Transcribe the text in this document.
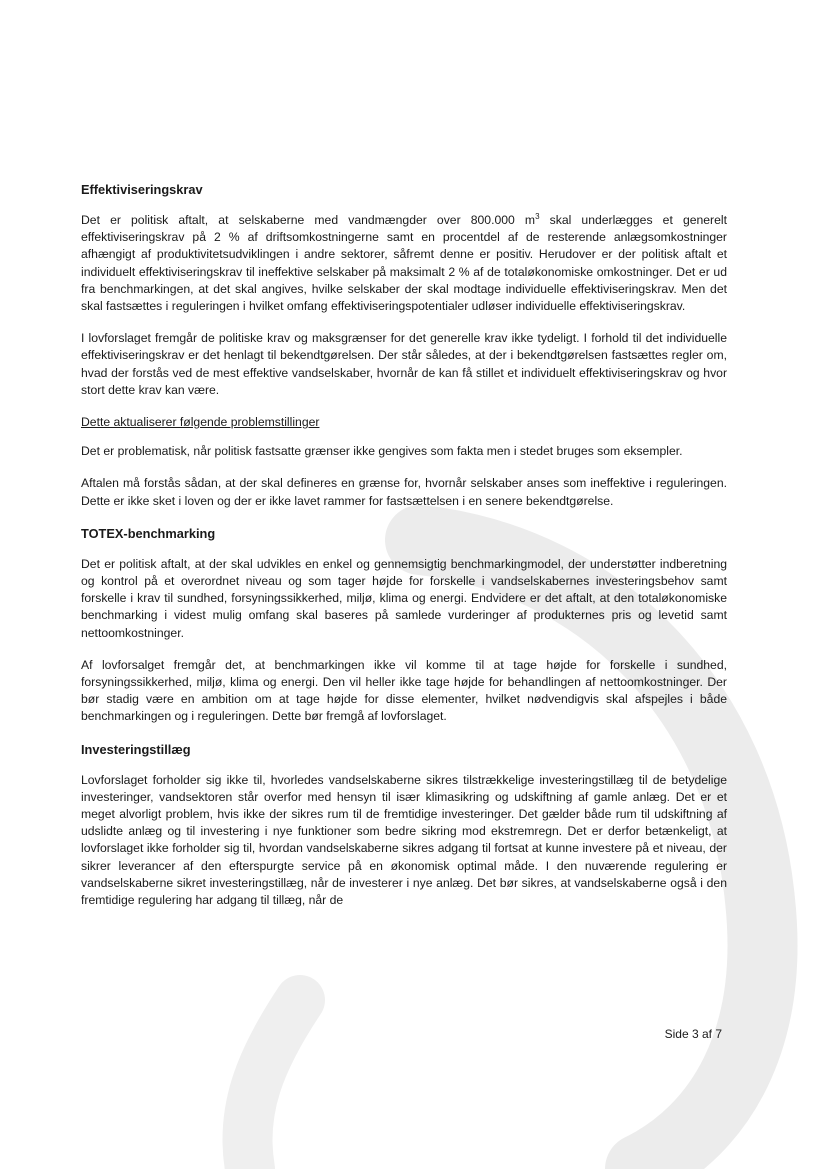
Effektiviseringskrav

Det er politisk aftalt, at selskaberne med vandmængder over 800.000 $m^3$ skal underlægges et generelt effektiviseringskrav på 2 % af driftsomkostningerne samt en procentdel af de resterende anlægsomkostninger afhængigt af produktivitetsudviklingen i andre sektorer, såfremt denne er positiv. Herudover er der politisk aftalt et individuelt effektiviseringskrav til ineffektive selskaber på maksimalt 2 % af de totaløkonomiske omkostninger. Det er ud fra benchmarkingen, at det skal angives, hvilke selskaber der skal modtage individuelle effektiviseringskrav. Men det skal fastsættes i reguleringen i hvilket omfang effektiviseringspotentialer udløser individuelle effektiviseringskrav.

I lovforslaget fremgår de politiske krav og maksgrænser for det generelle krav ikke tydeligt. I forhold til det individuelle effektiviseringskrav er det henlagt til bekendtgørelsen. Der står således, at der i bekendtgørelsen fastsættes regler om, hvad der forstås ved de mest effektive vandselskaber, hvornår de kan få stillet et individuelt effektiviseringskrav og hvor stort dette krav kan være.

Dette aktualiserer følgende problemstillinger

Det er problematisk, når politisk fastsatte grænser ikke gengives som fakta men i stedet bruges som eksempler.

Aftalen må forstås sådan, at der skal defineres en grænse for, hvornår selskaber anses som ineffektive i reguleringen. Dette er ikke sket i loven og der er ikke lavet rammer for fastsættelsen i en senere bekendtgørelse.

TOTEX-benchmarking

Det er politisk aftalt, at der skal udvikles en enkel og gennemsigtig benchmarkingmodel, der understøtter indberetning og kontrol på et overordnet niveau og som tager højde for forskelle i vandselskabernes investeringsbehov samt forskelle i krav til sundhed, forsyningssikkerhed, miljø, klima og energi. Endvidere er det aftalt, at den totaløkonomiske benchmarking i videst mulig omfang skal baseres på samlede vurderinger af produkternes pris og levetid samt nettoomkostninger.

Af lovforsalget fremgår det, at benchmarkingen ikke vil komme til at tage højde for forskelle i sundhed, forsyningssikkerhed, miljø, klima og energi. Den vil heller ikke tage højde for behandlingen af nettoomkostninger. Der bør stadig være en ambition om at tage højde for disse elementer, hvilket nødvendigvis skal afspejles i både benchmarkingen og i reguleringen. Dette bør fremgå af lovforslaget.

Investeringstillæg

Lovforslaget forholder sig ikke til, hvorledes vandselskaberne sikres tilstrækkelige investeringstillæg til de betydelige investeringer, vandsektoren står overfor med hensyn til især klimasikring og udskiftning af gamle anlæg. Det er et meget alvorligt problem, hvis ikke der sikres rum til de fremtidige investeringer. Det gælder både rum til udskiftning af udslidte anlæg og til investering i nye funktioner som bedre sikring mod ekstremregn. Det er derfor betænkeligt, at lovforslaget ikke forholder sig til, hvordan vandselskaberne sikres adgang til fortsat at kunne investere på et niveau, der sikrer leverancer af den efterspurgte service på en økonomisk optimal måde. I den nuværende regulering er vandselskaberne sikret investeringstillæg, når de investerer i nye anlæg. Det bør sikres, at vandselskaberne også i den fremtidige regulering har adgang til tillæg, når de

Side 3 af 7
